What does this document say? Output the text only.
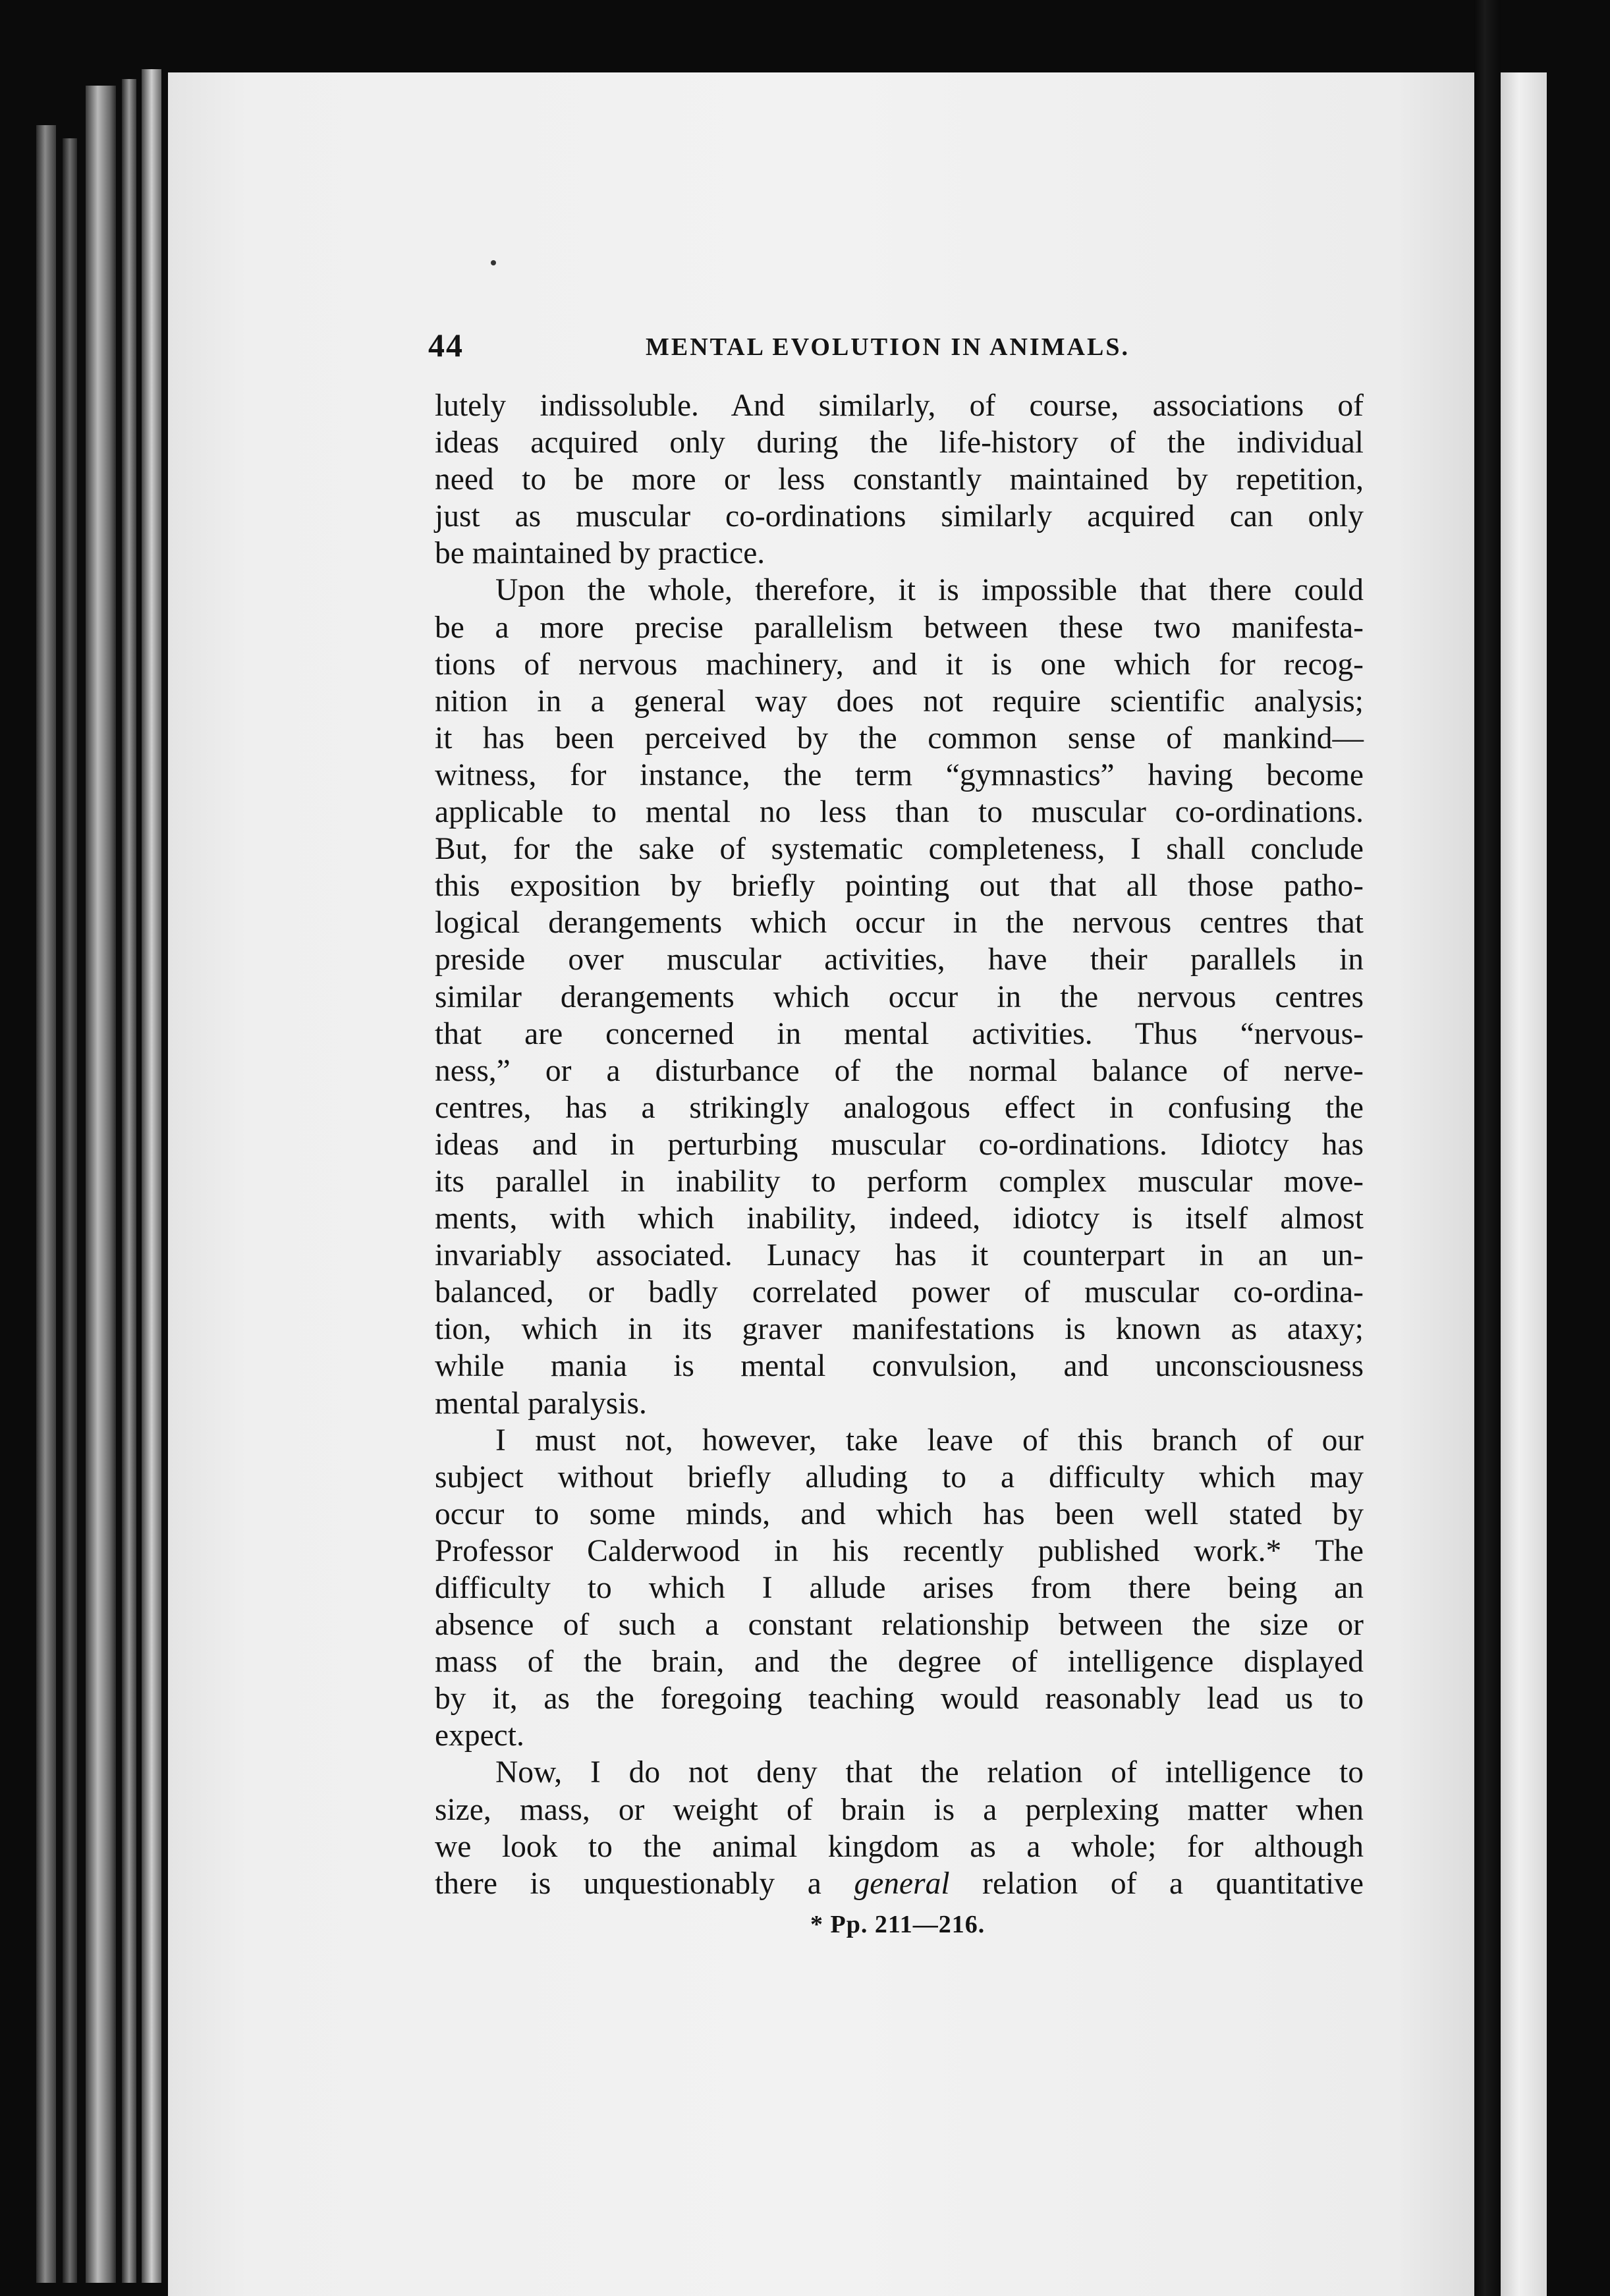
44	MENTAL EVOLUTION IN ANIMALS.
lutely indissoluble. And similarly, of course, associations of
ideas acquired only during the life-history of the individual
need to be more or less constantly maintained by repetition,
just as muscular co-ordinations similarly acquired can only
be maintained by practice.
Upon the whole, therefore, it is impossible that there could
be a more precise parallelism between these two manifesta-
tions of nervous machinery, and it is one which for recog-
nition in a general way does not require scientific analysis;
it has been perceived by the common sense of mankind—
witness, for instance, the term “gymnastics” having become
applicable to mental no less than to muscular co-ordinations.
But, for the sake of systematic completeness, I shall conclude
this exposition by briefly pointing out that all those patho-
logical derangements which occur in the nervous centres that
preside over muscular activities, have their parallels in
similar derangements which occur in the nervous centres
that are concerned in mental activities. Thus “nervous-
ness,” or a disturbance of the normal balance of nerve-
centres, has a strikingly analogous effect in confusing the
ideas and in perturbing muscular co-ordinations. Idiotcy has
its parallel in inability to perform complex muscular move-
ments, with which inability, indeed, idiotcy is itself almost
invariably associated. Lunacy has it counterpart in an un-
balanced, or badly correlated power of muscular co-ordina-
tion, which in its graver manifestations is known as ataxy;
while mania is mental convulsion, and unconsciousness
mental paralysis.
I must not, however, take leave of this branch of our
subject without briefly alluding to a difficulty which may
occur to some minds, and which has been well stated by
Professor Calderwood in his recently published work.* The
difficulty to which I allude arises from there being an
absence of such a constant relationship between the size or
mass of the brain, and the degree of intelligence displayed
by it, as the foregoing teaching would reasonably lead us to
expect.
Now, I do not deny that the relation of intelligence to
size, mass, or weight of brain is a perplexing matter when
we look to the animal kingdom as a whole; for although
there is unquestionably a general relation of a quantitative
* Pp. 211—216.
